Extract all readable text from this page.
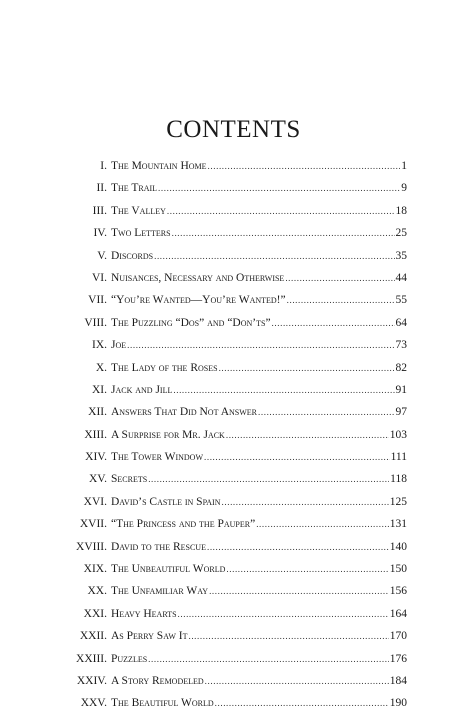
CONTENTS
I. The Mountain Home .....	1
II. The Trail .....	9
III. The Valley .....	18
IV. Two Letters .....	25
V. Discords .....	35
VI. Nuisances, Necessary and Otherwise .....	44
VII. “You’re Wanted—You’re Wanted!” .....	55
VIII. The Puzzling “Dos” and “Don’ts” .....	64
IX. Joe .....	73
X. The Lady of the Roses .....	82
XI. Jack and Jill .....	91
XII. Answers That Did Not Answer .....	97
XIII. A Surprise for Mr. Jack .....	103
XIV. The Tower Window .....	111
XV. Secrets .....	118
XVI. David’s Castle in Spain .....	125
XVII. “The Princess and the Pauper” .....	131
XVIII. David to the Rescue .....	140
XIX. The Unbeautiful World .....	150
XX. The Unfamiliar Way .....	156
XXI. Heavy Hearts .....	164
XXII. As Perry Saw It .....	170
XXIII. Puzzles .....	176
XXIV. A Story Remodeled .....	184
XXV. The Beautiful World .....	190
